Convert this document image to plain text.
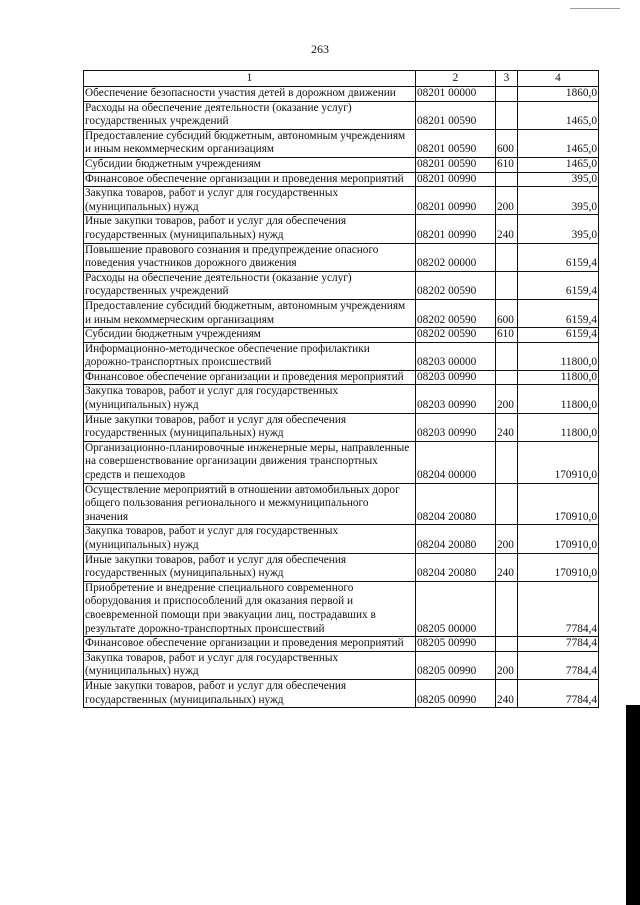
263
1	2	3	4
Обеспечение безопасности участия детей в дорожном движении	08201 00000		1860,0
Расходы на обеспечение деятельности (оказание услуг) государственных учреждений	08201 00590		1465,0
Предоставление субсидий бюджетным, автономным учреждениям и иным некоммерческим организациям	08201 00590	600	1465,0
Субсидии бюджетным учреждениям	08201 00590	610	1465,0
Финансовое обеспечение организации и проведения мероприятий	08201 00990		395,0
Закупка товаров, работ и услуг для государственных (муниципальных) нужд	08201 00990	200	395,0
Иные закупки товаров, работ и услуг для обеспечения государственных (муниципальных) нужд	08201 00990	240	395,0
Повышение правового сознания и предупреждение опасного поведения участников дорожного движения	08202 00000		6159,4
Расходы на обеспечение деятельности (оказание услуг) государственных учреждений	08202 00590		6159,4
Предоставление субсидий бюджетным, автономным учреждениям и иным некоммерческим организациям	08202 00590	600	6159,4
Субсидии бюджетным учреждениям	08202 00590	610	6159,4
Информационно-методическое обеспечение профилактики дорожно-транспортных происшествий	08203 00000		11800,0
Финансовое обеспечение организации и проведения мероприятий	08203 00990		11800,0
Закупка товаров, работ и услуг для государственных (муниципальных) нужд	08203 00990	200	11800,0
Иные закупки товаров, работ и услуг для обеспечения государственных (муниципальных) нужд	08203 00990	240	11800,0
Организационно-планировочные инженерные меры, направленные на совершенствование организации движения транспортных средств и пешеходов	08204 00000		170910,0
Осуществление мероприятий в отношении автомобильных дорог общего пользования регионального и межмуниципального значения	08204 20080		170910,0
Закупка товаров, работ и услуг для государственных (муниципальных) нужд	08204 20080	200	170910,0
Иные закупки товаров, работ и услуг для обеспечения государственных (муниципальных) нужд	08204 20080	240	170910,0
Приобретение и внедрение специального современного оборудования и приспособлений для оказания первой и своевременной помощи при эвакуации лиц, пострадавших в результате дорожно-транспортных происшествий	08205 00000		7784,4
Финансовое обеспечение организации и проведения мероприятий	08205 00990		7784,4
Закупка товаров, работ и услуг для государственных (муниципальных) нужд	08205 00990	200	7784,4
Иные закупки товаров, работ и услуг для обеспечения государственных (муниципальных) нужд	08205 00990	240	7784,4
